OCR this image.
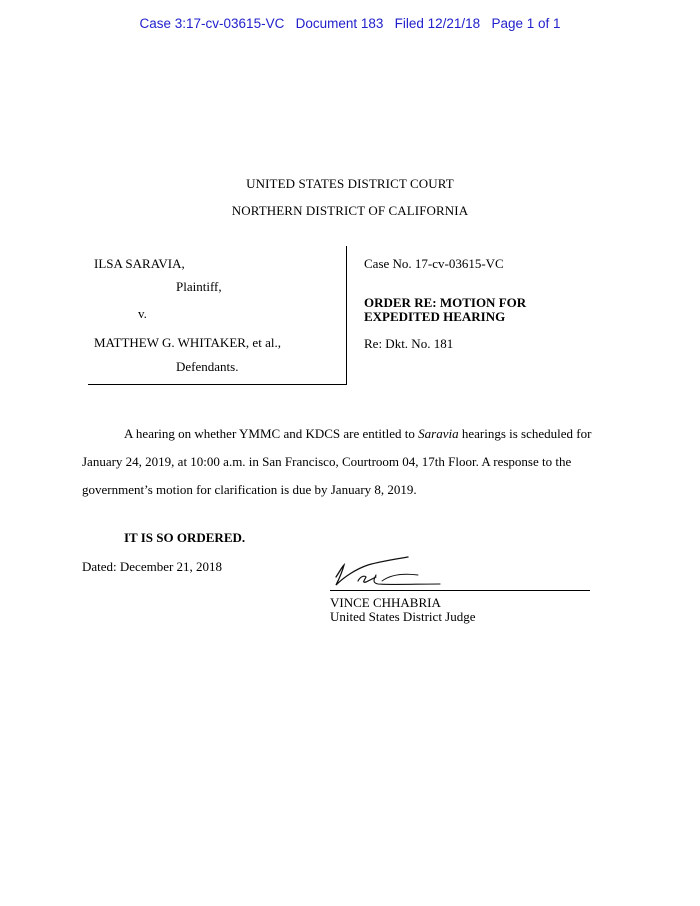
Case 3:17-cv-03615-VC   Document 183   Filed 12/21/18   Page 1 of 1
UNITED STATES DISTRICT COURT
NORTHERN DISTRICT OF CALIFORNIA
ILSA SARAVIA,
Plaintiff,
v.
MATTHEW G. WHITAKER, et al.,
Defendants.
Case No. 17-cv-03615-VC
ORDER RE: MOTION FOR EXPEDITED HEARING
Re: Dkt. No. 181
A hearing on whether YMMC and KDCS are entitled to Saravia hearings is scheduled for January 24, 2019, at 10:00 a.m. in San Francisco, Courtroom 04, 17th Floor. A response to the government’s motion for clarification is due by January 8, 2019.
IT IS SO ORDERED.
Dated: December 21, 2018
VINCE CHHABRIA
United States District Judge
